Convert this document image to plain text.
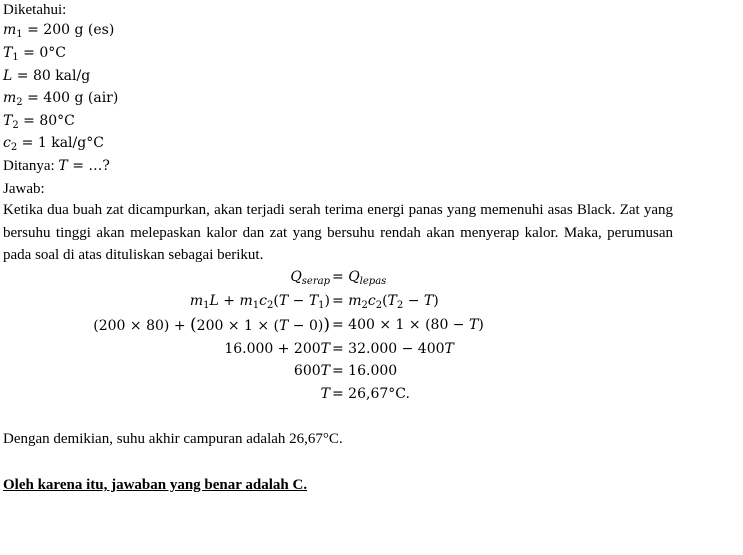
Diketahui:
$m_1 = 200$ g (es)
$T_1 = 0^\circ C$
L = 80 kal/g
$m_2 = 400$ g (air)
$T_2 = 80^\circ C$
$c_2 = 1$ kal/g°C
Ditanya: T = …?
Jawab:
Ketika dua buah zat dicampurkan, akan terjadi serah terima energi panas yang memenuhi asas Black. Zat yang bersuhu tinggi akan melepaskan kalor dan zat yang bersuhu rendah akan menyerap kalor. Maka, perumusan pada soal di atas dituliskan sebagai berikut.
$Q_{serap} = Q_{lepas}$
$m_1L + m_1c_2(T - T_1) = m_2c_2(T_2 - T)$
(200 × 80) + (200 × 1 × (T − 0)) = 400 × 1 × (80 − T)
16.000 + 200T = 32.000 − 400T
600T = 16.000
T = 26,67°C.
Dengan demikian, suhu akhir campuran adalah 26,67°C.
Oleh karena itu, jawaban yang benar adalah C.
